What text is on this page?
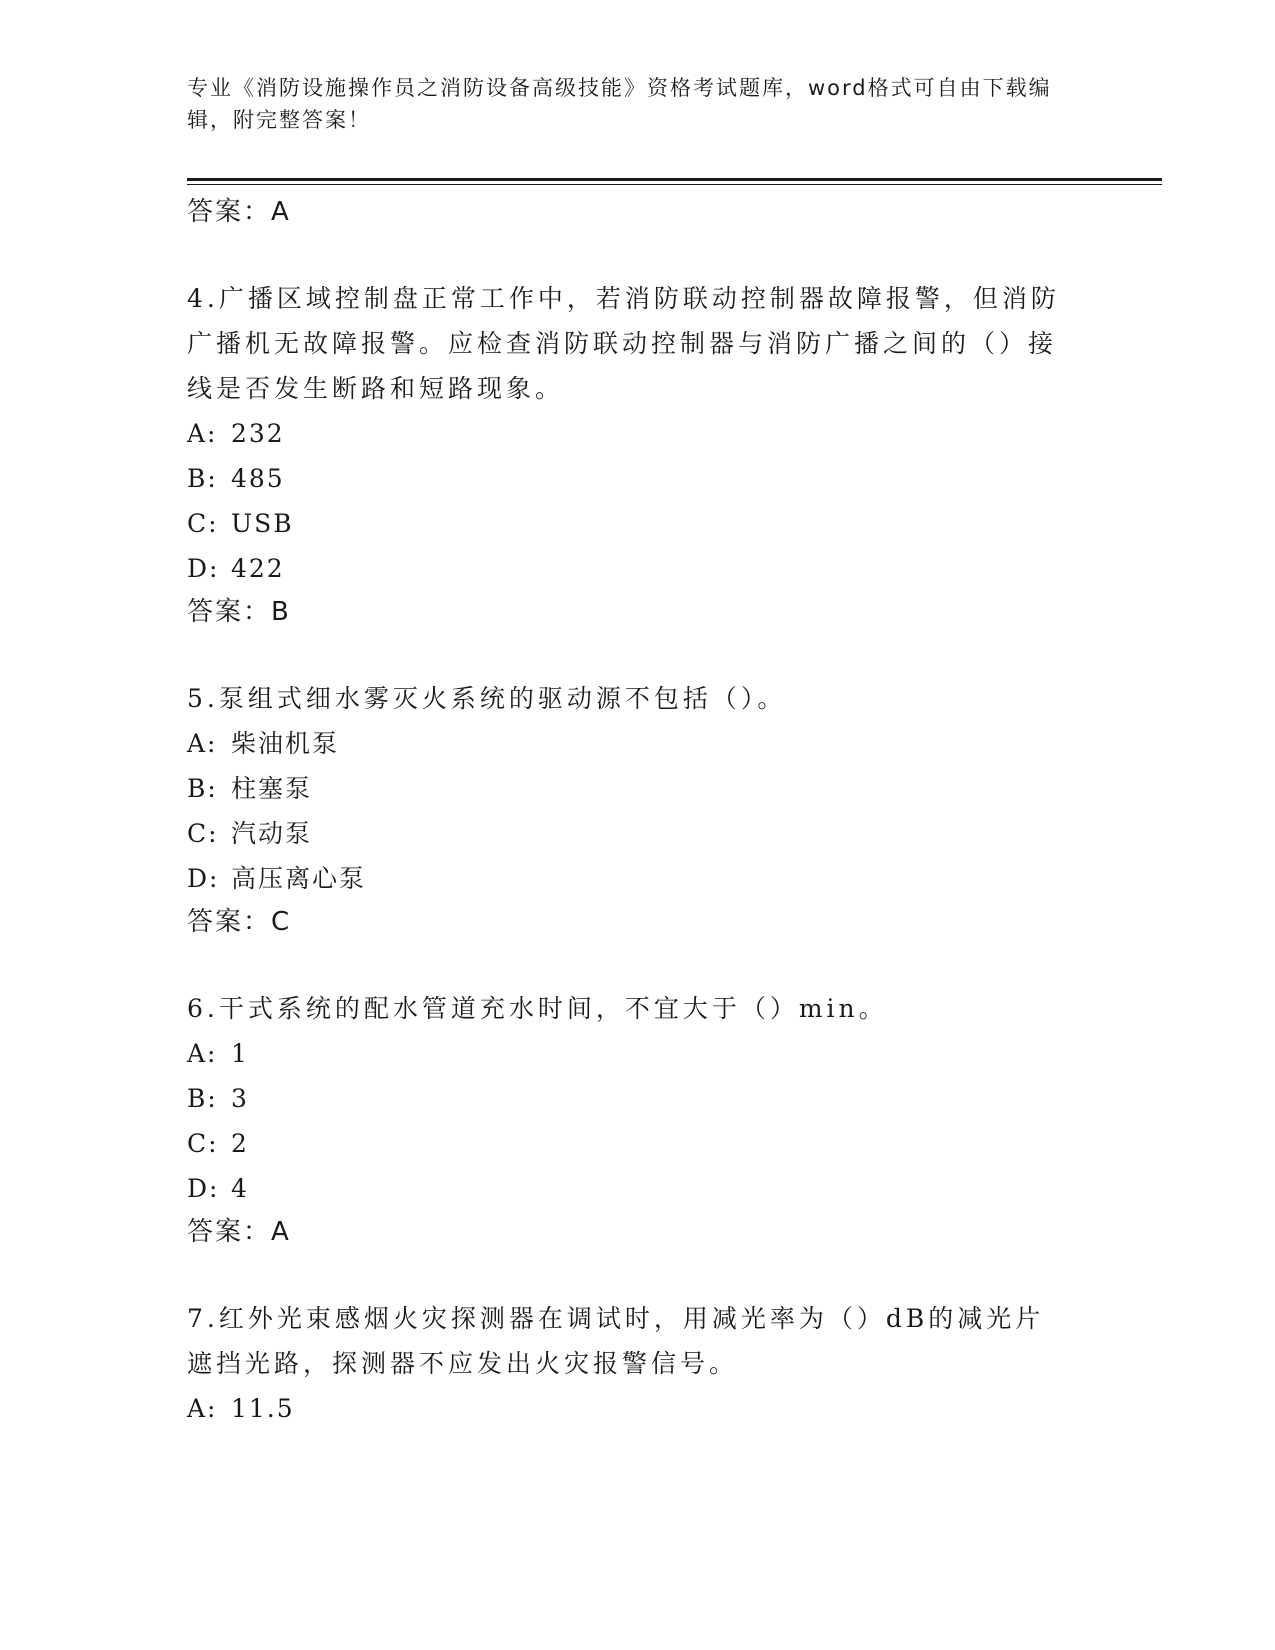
专业《消防设施操作员之消防设备高级技能》资格考试题库，word格式可自由下载编辑，附完整答案！
答案：A
4.广播区域控制盘正常工作中，若消防联动控制器故障报警，但消防广播机无故障报警。应检查消防联动控制器与消防广播之间的（）接线是否发生断路和短路现象。
A: 232
B: 485
C: USB
D: 422
答案：B
5.泵组式细水雾灭火系统的驱动源不包括（）。
A: 柴油机泵
B: 柱塞泵
C: 汽动泵
D: 高压离心泵
答案：C
6.干式系统的配水管道充水时间，不宜大于（）min。
A: 1
B: 3
C: 2
D: 4
答案：A
7.红外光束感烟火灾探测器在调试时，用减光率为（）dB的减光片遮挡光路，探测器不应发出火灾报警信号。
A: 11.5
